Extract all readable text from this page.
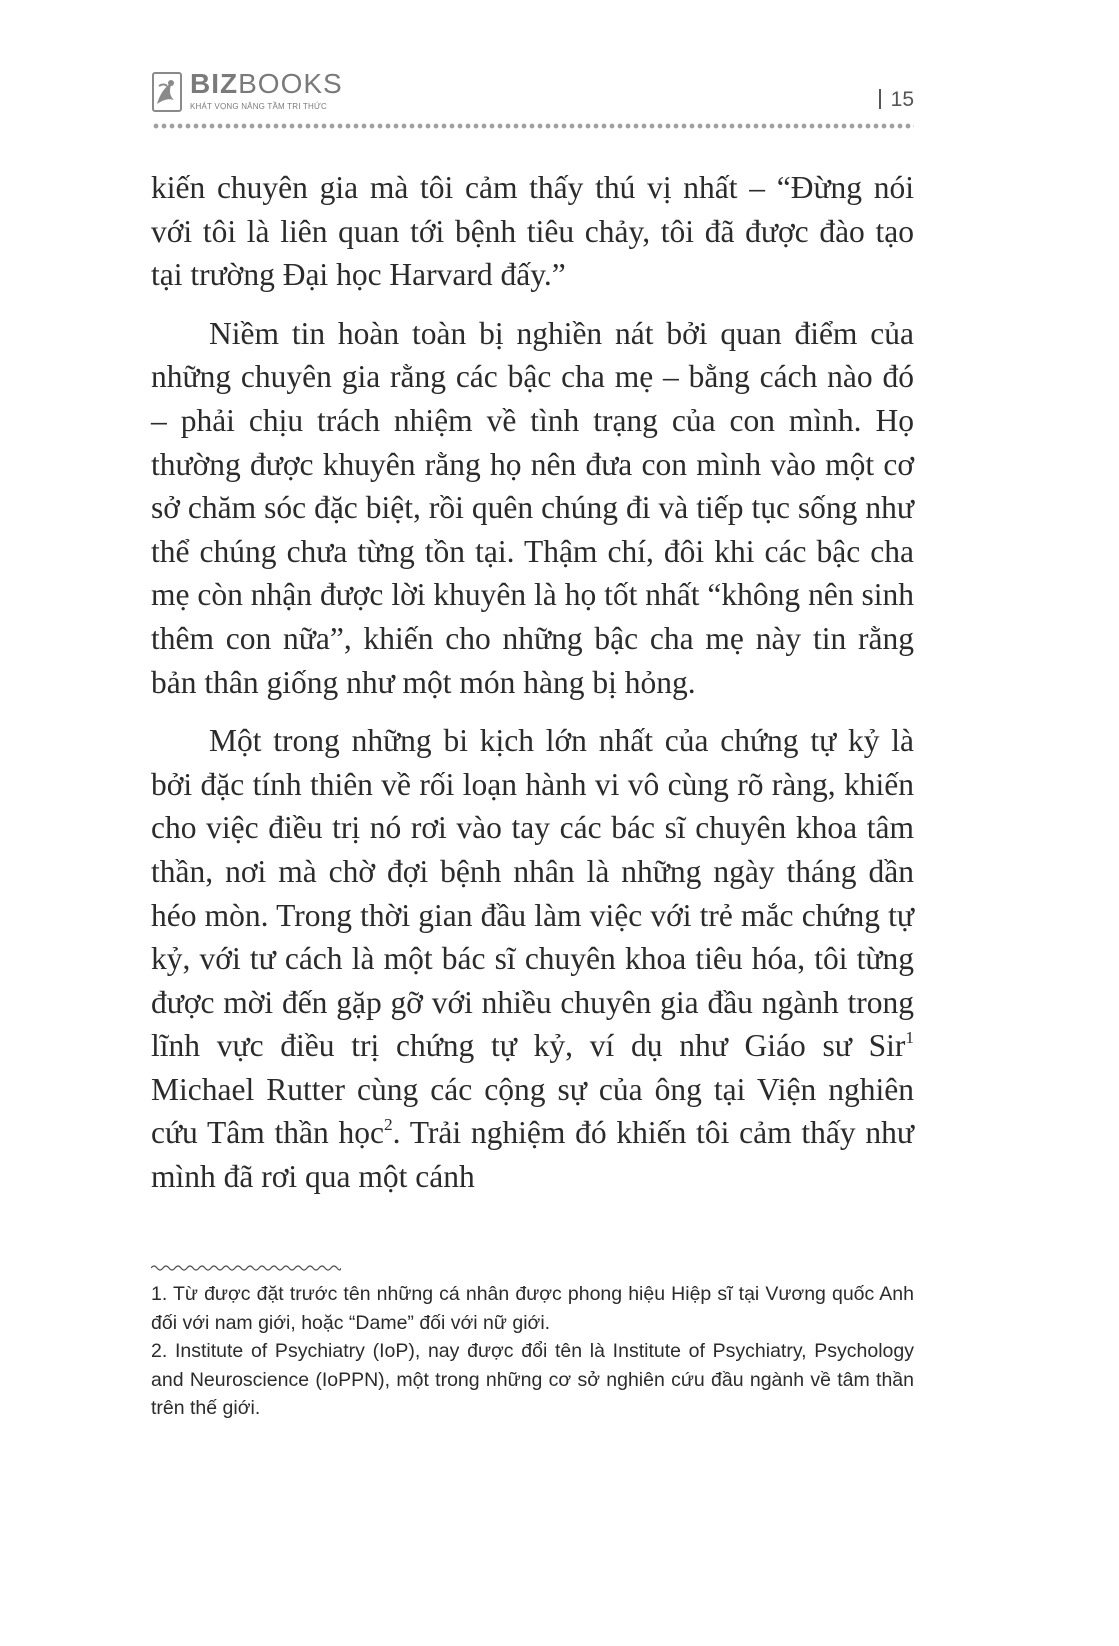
BIZBOOKS
KHÁT VỌNG NÂNG TẦM TRI THỨC	15

kiến chuyên gia mà tôi cảm thấy thú vị nhất – “Đừng nói với tôi là liên quan tới bệnh tiêu chảy, tôi đã được đào tạo tại trường Đại học Harvard đấy.”

Niềm tin hoàn toàn bị nghiền nát bởi quan điểm của những chuyên gia rằng các bậc cha mẹ – bằng cách nào đó – phải chịu trách nhiệm về tình trạng của con mình. Họ thường được khuyên rằng họ nên đưa con mình vào một cơ sở chăm sóc đặc biệt, rồi quên chúng đi và tiếp tục sống như thể chúng chưa từng tồn tại. Thậm chí, đôi khi các bậc cha mẹ còn nhận được lời khuyên là họ tốt nhất “không nên sinh thêm con nữa”, khiến cho những bậc cha mẹ này tin rằng bản thân giống như một món hàng bị hỏng.

Một trong những bi kịch lớn nhất của chứng tự kỷ là bởi đặc tính thiên về rối loạn hành vi vô cùng rõ ràng, khiến cho việc điều trị nó rơi vào tay các bác sĩ chuyên khoa tâm thần, nơi mà chờ đợi bệnh nhân là những ngày tháng dần héo mòn. Trong thời gian đầu làm việc với trẻ mắc chứng tự kỷ, với tư cách là một bác sĩ chuyên khoa tiêu hóa, tôi từng được mời đến gặp gỡ với nhiều chuyên gia đầu ngành trong lĩnh vực điều trị chứng tự kỷ, ví dụ như Giáo sư Sir$^1$ Michael Rutter cùng các cộng sự của ông tại Viện nghiên cứu Tâm thần học$^2$. Trải nghiệm đó khiến tôi cảm thấy như mình đã rơi qua một cánh

1. Từ được đặt trước tên những cá nhân được phong hiệu Hiệp sĩ tại Vương quốc Anh đối với nam giới, hoặc “Dame” đối với nữ giới.

2. Institute of Psychiatry (IoP), nay được đổi tên là Institute of Psychiatry, Psychology and Neuroscience (IoPPN), một trong những cơ sở nghiên cứu đầu ngành về tâm thần trên thế giới.
